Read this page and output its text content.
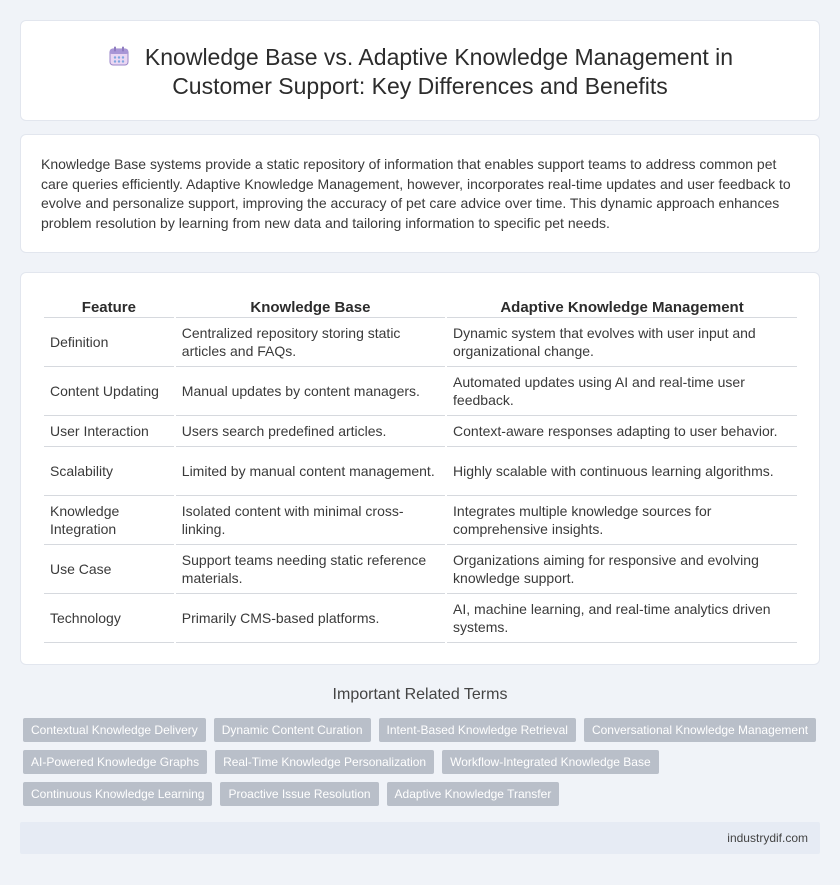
Knowledge Base vs. Adaptive Knowledge Management in
Customer Support: Key Differences and Benefits

Knowledge Base systems provide a static repository of information that enables support teams to address common pet care queries efficiently. Adaptive Knowledge Management, however, incorporates real-time updates and user feedback to evolve and personalize support, improving the accuracy of pet care advice over time. This dynamic approach enhances problem resolution by learning from new data and tailoring information to specific pet needs.

Feature	Knowledge Base	Adaptive Knowledge Management
Definition	Centralized repository storing static articles and FAQs.	Dynamic system that evolves with user input and organizational change.
Content Updating	Manual updates by content managers.	Automated updates using AI and real-time user feedback.
User Interaction	Users search predefined articles.	Context-aware responses adapting to user behavior.
Scalability	Limited by manual content management.	Highly scalable with continuous learning algorithms.
Knowledge Integration	Isolated content with minimal cross-linking.	Integrates multiple knowledge sources for comprehensive insights.
Use Case	Support teams needing static reference materials.	Organizations aiming for responsive and evolving knowledge support.
Technology	Primarily CMS-based platforms.	AI, machine learning, and real-time analytics driven systems.
Important Related Terms
Contextual Knowledge Delivery	Dynamic Content Curation	Intent-Based Knowledge Retrieval	Conversational Knowledge Management
AI-Powered Knowledge Graphs	Real-Time Knowledge Personalization	Workflow-Integrated Knowledge Base
Continuous Knowledge Learning	Proactive Issue Resolution	Adaptive Knowledge Transfer
industrydif.com
